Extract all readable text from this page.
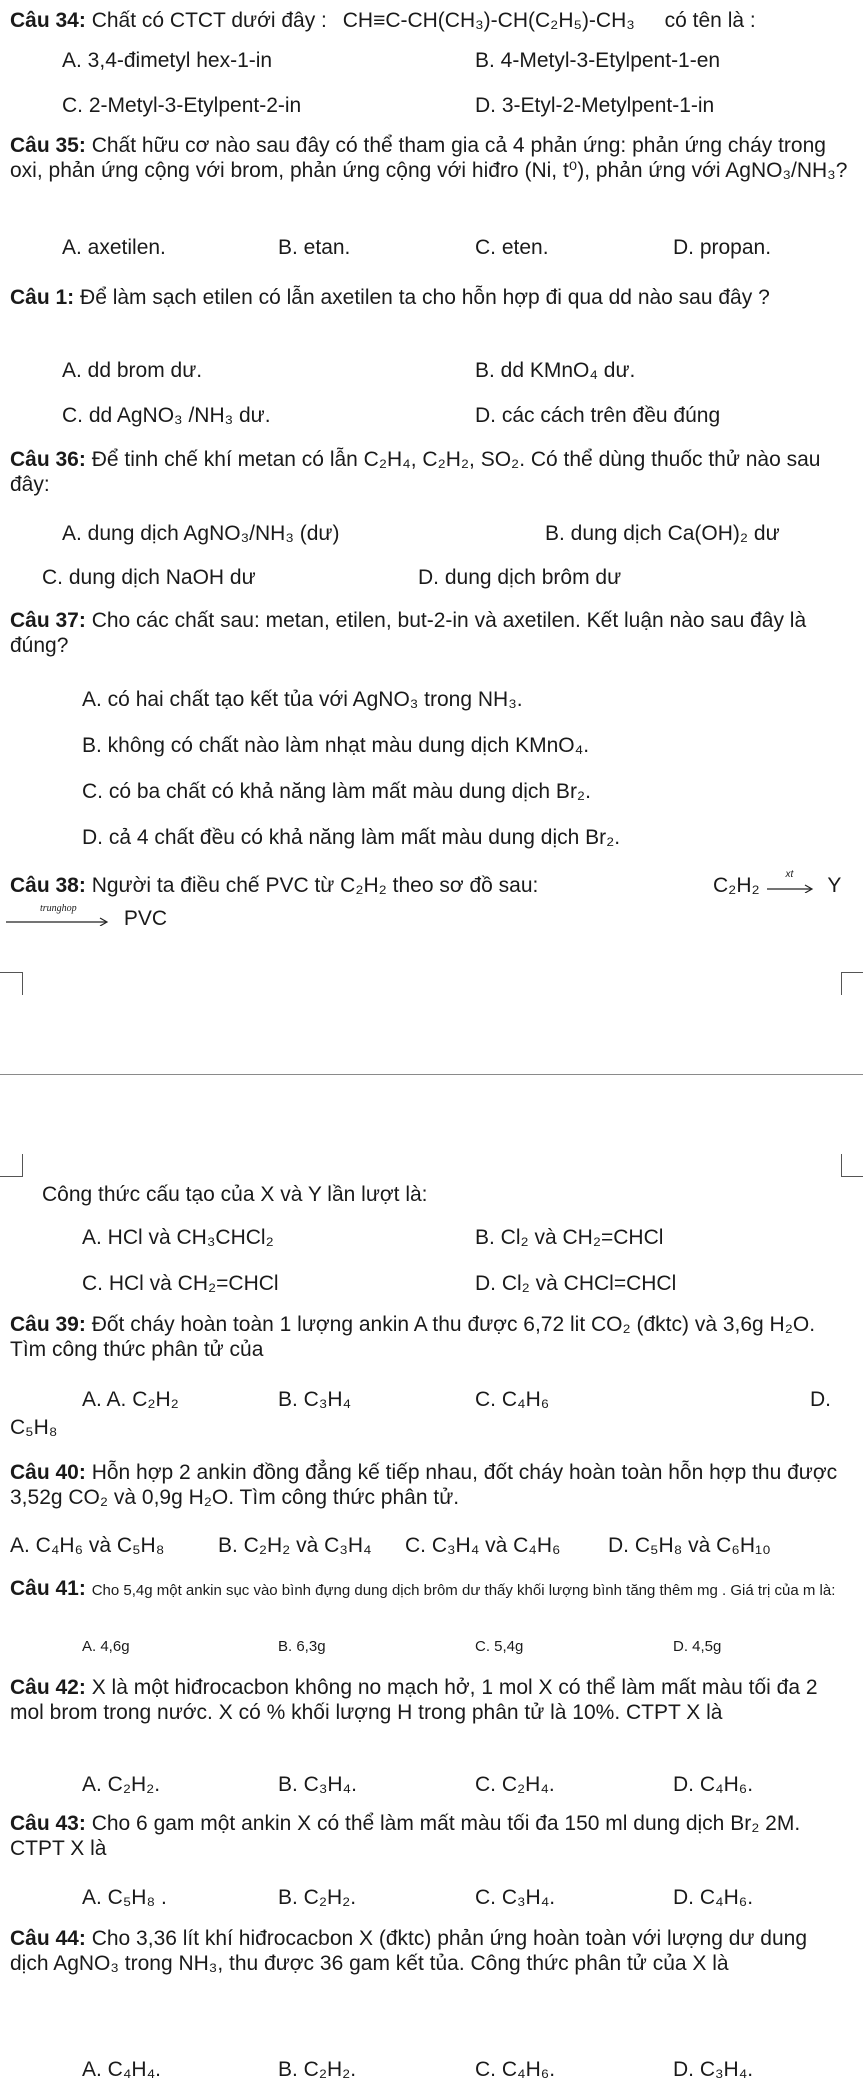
Câu 34: Chất có CTCT dưới đây : CH≡C-CH(CH₃)-CH(C₂H₅)-CH₃ có tên là :
A. 3,4-đimetyl hex-1-in	B. 4-Metyl-3-Etylpent-1-en
C. 2-Metyl-3-Etylpent-2-in	D. 3-Etyl-2-Metylpent-1-in
Câu 35: Chất hữu cơ nào sau đây có thể tham gia cả 4 phản ứng: phản ứng cháy trong oxi, phản ứng cộng với brom, phản ứng cộng với hiđro (Ni, t⁰), phản ứng với AgNO₃/NH₃?
A. axetilen.	B. etan.	C. eten.	D. propan.
Câu 1: Để làm sạch etilen có lẫn axetilen ta cho hỗn hợp đi qua dd nào sau đây ?
A. dd brom dư.	B. dd KMnO₄ dư.
C. dd AgNO₃ /NH₃ dư.	D. các cách trên đều đúng
Câu 36: Để tinh chế khí metan có lẫn C₂H₄, C₂H₂, SO₂. Có thể dùng thuốc thử nào sau đây:
A. dung dịch AgNO₃/NH₃ (dư)	B. dung dịch Ca(OH)₂ dư
C. dung dịch NaOH dư	D. dung dịch brôm dư
Câu 37: Cho các chất sau: metan, etilen, but-2-in và axetilen. Kết luận nào sau đây là đúng?
A. có hai chất tạo kết tủa với AgNO₃ trong NH₃.
B. không có chất nào làm nhạt màu dung dịch KMnO₄.
C. có ba chất có khả năng làm mất màu dung dịch Br₂.
D. cả 4 chất đều có khả năng làm mất màu dung dịch Br₂.
Câu 38: Người ta điều chế PVC từ C₂H₂ theo sơ đồ sau:	C₂H₂	xt Y
trunghop PVC
Công thức cấu tạo của X và Y lần lượt là:
A. HCl và CH₃CHCl₂	B. Cl₂ và CH₂=CHCl
C. HCl và CH₂=CHCl	D. Cl₂ và CHCl=CHCl
Câu 39: Đốt cháy hoàn toàn 1 lượng ankin A thu được 6,72 lit CO₂ (đktc) và 3,6g H₂O. Tìm công thức phân tử của
A. A. C₂H₂	B. C₃H₄	C. C₄H₆	D.
C₅H₈
Câu 40: Hỗn hợp 2 ankin đồng đẳng kế tiếp nhau, đốt cháy hoàn toàn hỗn hợp thu được 3,52g CO₂ và 0,9g H₂O. Tìm công thức phân tử.
A. C₄H₆ và C₅H₈	B. C₂H₂ và C₃H₄ C. C₃H₄ và C₄H₆ D. C₅H₈ và C₆H₁₀
Câu 41: Cho 5,4g một ankin sục vào bình đựng dung dịch brôm dư thấy khối lượng bình tăng thêm mg . Giá trị của m là:
A. 4,6g	B. 6,3g	C. 5,4g	D. 4,5g
Câu 42: X là một hiđrocacbon không no mạch hở, 1 mol X có thể làm mất màu tối đa 2 mol brom trong nước. X có % khối lượng H trong phân tử là 10%. CTPT X là
A. C₂H₂.	B. C₃H₄.	C. C₂H₄.	D. C₄H₆.
Câu 43: Cho 6 gam một ankin X có thể làm mất màu tối đa 150 ml dung dịch Br₂ 2M. CTPT X là
A. C₅H₈ .	B. C₂H₂.	C. C₃H₄.	D. C₄H₆.
Câu 44: Cho 3,36 lít khí hiđrocacbon X (đktc) phản ứng hoàn toàn với lượng dư dung dịch AgNO₃ trong NH₃, thu được 36 gam kết tủa. Công thức phân tử của X là
A. C₄H₄.	B. C₂H₂.	C. C₄H₆.	D. C₃H₄.
